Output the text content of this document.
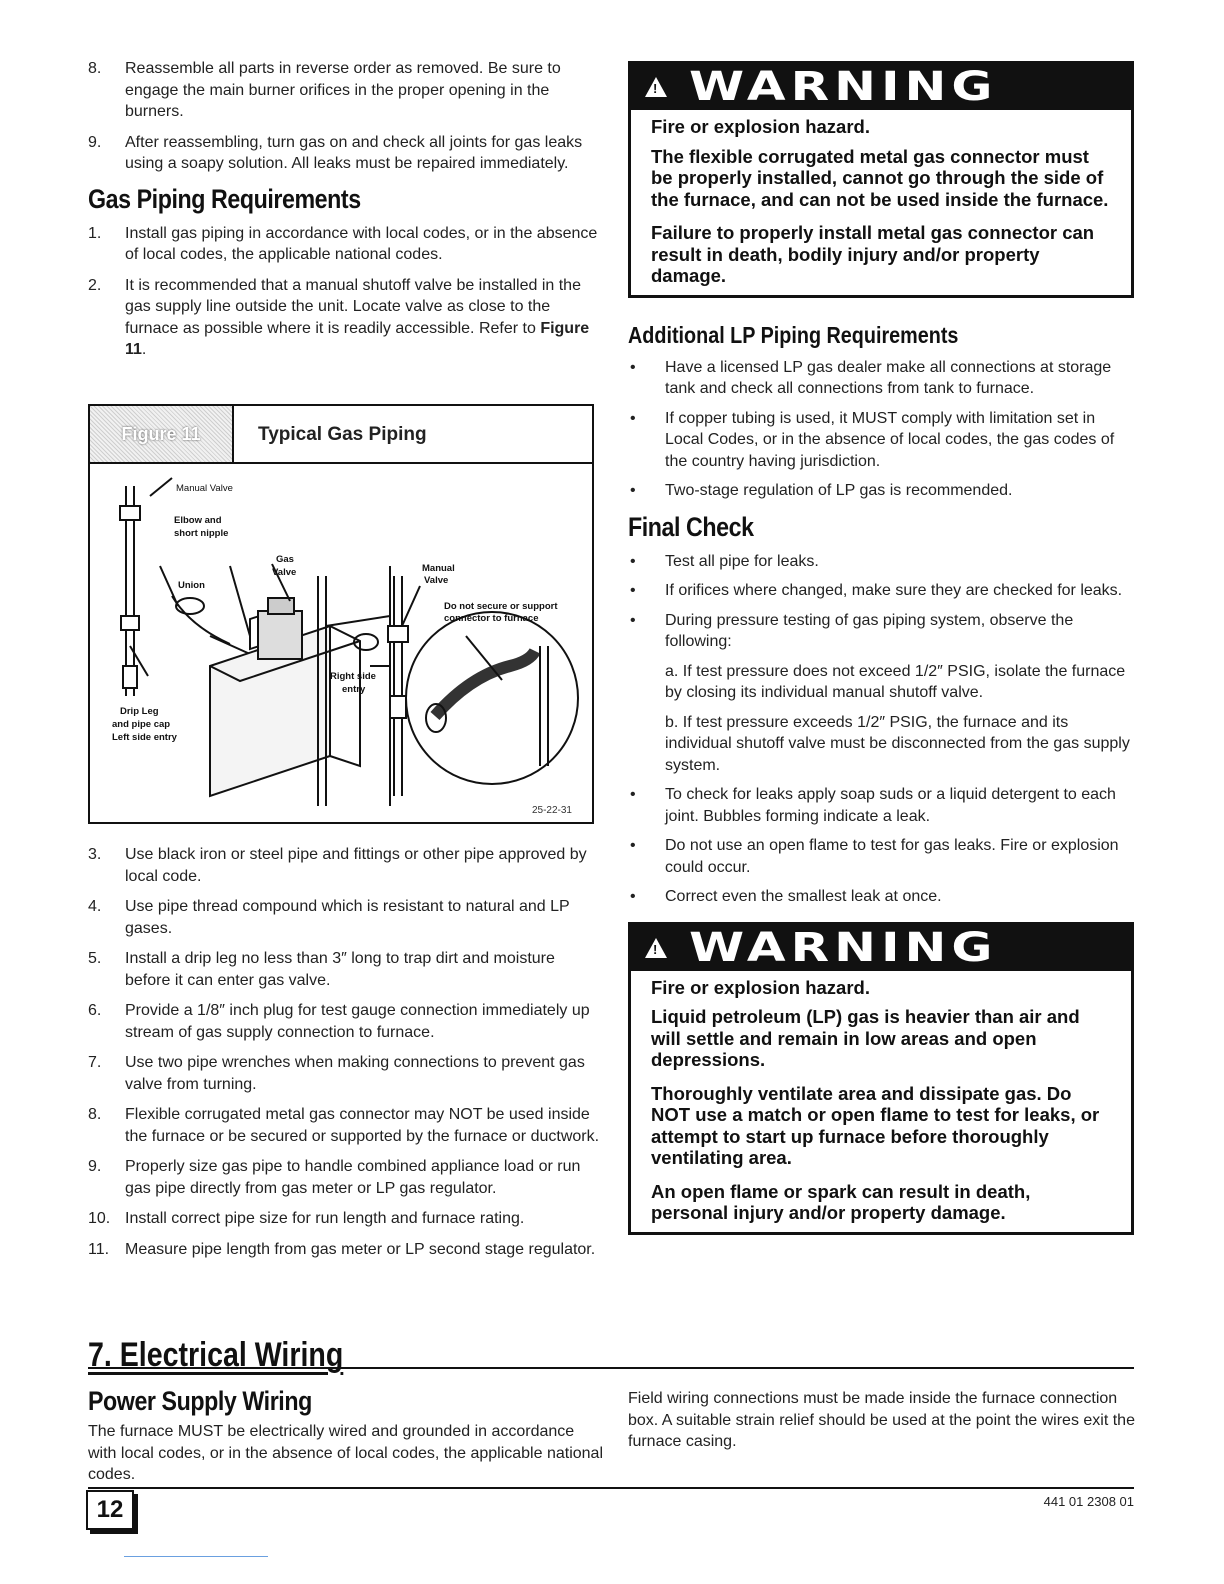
8. Reassemble all parts in reverse order as removed. Be sure to engage the main burner orifices in the proper opening in the burners.
9. After reassembling, turn gas on and check all joints for gas leaks using a soapy solution. All leaks must be repaired immediately.
Gas Piping Requirements
1. Install gas piping in accordance with local codes, or in the absence of local codes, the applicable national codes.
2. It is recommended that a manual shutoff valve be installed in the gas supply line outside the unit. Locate valve as close to the furnace as possible where it is readily accessible. Refer to Figure 11.
Figure 11	Typical Gas Piping
Manual Valve
Elbow and
short nipple
Gas
Valve
Union
Manual
Valve
Do not secure or support
connector to furnace
Right side
entry
Drip Leg
and pipe cap
Left side entry
25-22-31
3. Use black iron or steel pipe and fittings or other pipe approved by local code.
4. Use pipe thread compound which is resistant to natural and LP gases.
5. Install a drip leg no less than 3″ long to trap dirt and moisture before it can enter gas valve.
6. Provide a 1/8″ inch plug for test gauge connection immediately up stream of gas supply connection to furnace.
7. Use two pipe wrenches when making connections to prevent gas valve from turning.
8. Flexible corrugated metal gas connector may NOT be used inside the furnace or be secured or supported by the furnace or ductwork.
9. Properly size gas pipe to handle combined appliance load or run gas pipe directly from gas meter or LP gas regulator.
10. Install correct pipe size for run length and furnace rating.
11. Measure pipe length from gas meter or LP second stage regulator.
! WARNING

Fire or explosion hazard.

The flexible corrugated metal gas connector must be properly installed, cannot go through the side of the furnace, and can not be used inside the furnace.

Failure to properly install metal gas connector can result in death, bodily injury and/or property damage.

Additional LP Piping Requirements
• Have a licensed LP gas dealer make all connections at storage tank and check all connections from tank to furnace.
• If copper tubing is used, it MUST comply with limitation set in Local Codes, or in the absence of local codes, the gas codes of the country having jurisdiction.
• Two-stage regulation of LP gas is recommended.
Final Check
• Test all pipe for leaks.
• If orifices where changed, make sure they are checked for leaks.
• During pressure testing of gas piping system, observe the following:

a. If test pressure does not exceed 1/2″ PSIG, isolate the furnace by closing its individual manual shutoff valve.

b. If test pressure exceeds 1/2″ PSIG, the furnace and its individual shutoff valve must be disconnected from the gas supply system.

• To check for leaks apply soap suds or a liquid detergent to each joint. Bubbles forming indicate a leak.
• Do not use an open flame to test for gas leaks. Fire or explosion could occur.
• Correct even the smallest leak at once.
! WARNING

Fire or explosion hazard.

Liquid petroleum (LP) gas is heavier than air and will settle and remain in low areas and open depressions.

Thoroughly ventilate area and dissipate gas. Do NOT use a match or open flame to test for leaks, or attempt to start up furnace before thoroughly ventilating area.

An open flame or spark can result in death, personal injury and/or property damage.

7. Electrical Wiring
Power Supply Wiring

The furnace MUST be electrically wired and grounded in accordance with local codes, or in the absence of local codes, the applicable national codes.

Field wiring connections must be made inside the furnace connection box. A suitable strain relief should be used at the point the wires exit the furnace casing.

12	441 01 2308 01
